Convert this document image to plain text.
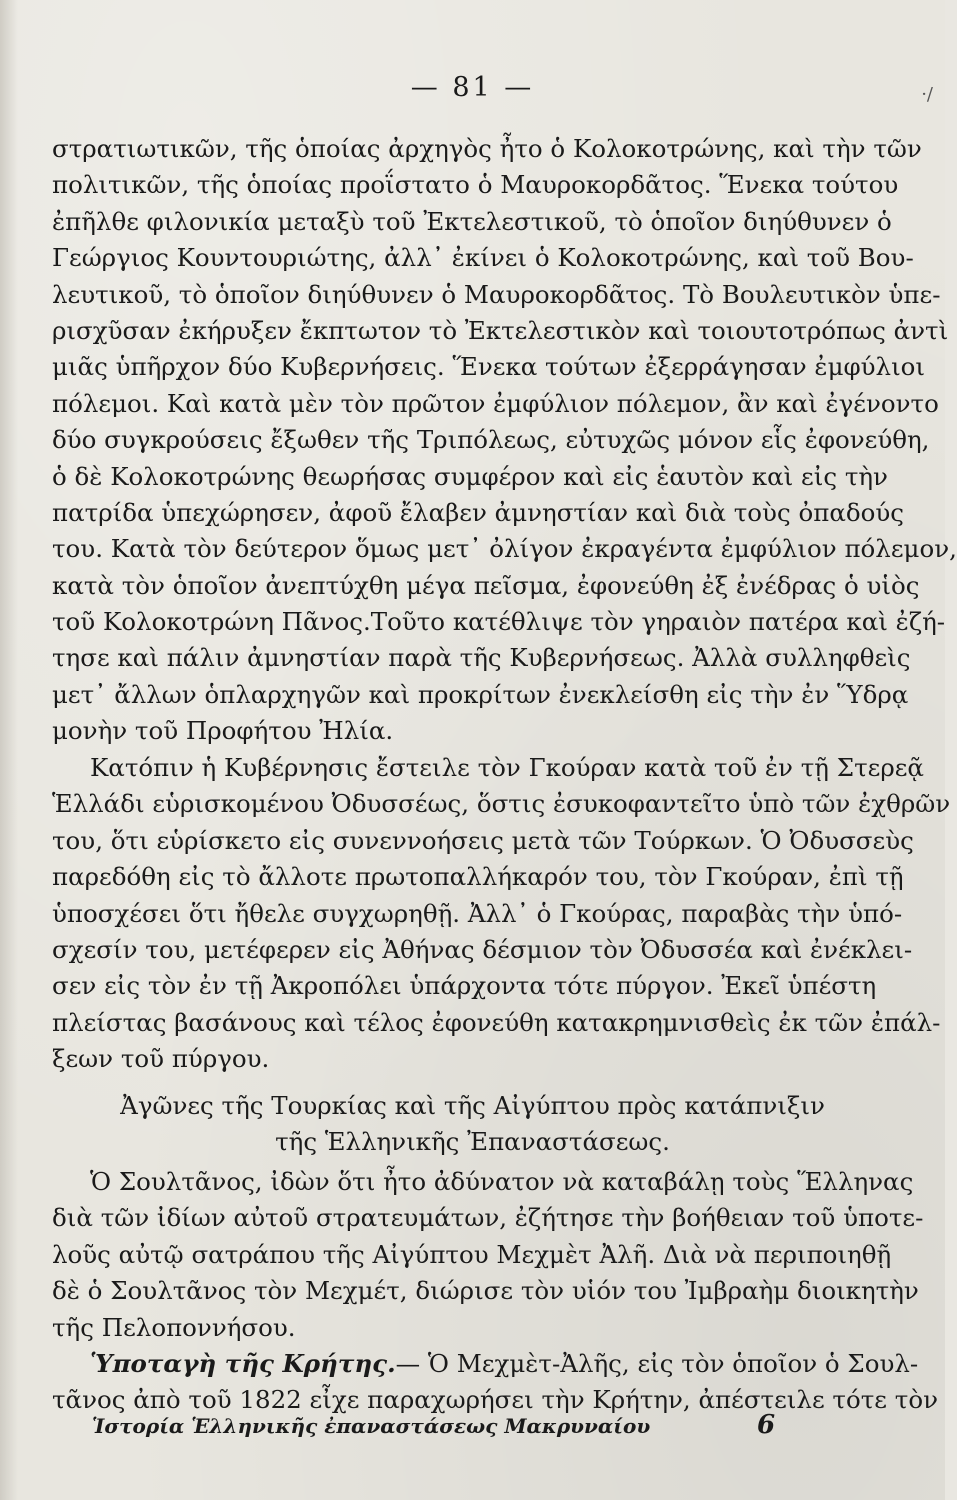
— 81 —	·/
στρατιωτικῶν, τῆς ὁποίας ἀρχηγὸς ἦτο ὁ Κολοκοτρώνης, καὶ τὴν τῶν
πολιτικῶν, τῆς ὁποίας προΐστατο ὁ Μαυροκορδᾶτος. Ἕνεκα τούτου
ἐπῆλθε φιλονικία μεταξὺ τοῦ Ἐκτελεστικοῦ, τὸ ὁποῖον διηύθυνεν ὁ
Γεώργιος Κουντουριώτης, ἀλλ᾽ ἐκίνει ὁ Κολοκοτρώνης, καὶ τοῦ Βου-
λευτικοῦ, τὸ ὁποῖον διηύθυνεν ὁ Μαυροκορδᾶτος. Τὸ Βουλευτικὸν ὑπε-
ρισχῦσαν ἐκήρυξεν ἔκπτωτον τὸ Ἐκτελεστικὸν καὶ τοιουτοτρόπως ἀντὶ
μιᾶς ὑπῆρχον δύο Κυβερνήσεις. Ἕνεκα τούτων ἐξερράγησαν ἐμφύλιοι
πόλεμοι. Καὶ κατὰ μὲν τὸν πρῶτον ἐμφύλιον πόλεμον, ἂν καὶ ἐγένοντο
δύο συγκρούσεις ἔξωθεν τῆς Τριπόλεως, εὐτυχῶς μόνον εἷς ἐφονεύθη,
ὁ δὲ Κολοκοτρώνης θεωρήσας συμφέρον καὶ εἰς ἑαυτὸν καὶ εἰς τὴν
πατρίδα ὑπεχώρησεν, ἀφοῦ ἔλαβεν ἀμνηστίαν καὶ διὰ τοὺς ὀπαδούς
του. Κατὰ τὸν δεύτερον ὅμως μετ᾽ ὀλίγον ἐκραγέντα ἐμφύλιον πόλεμον,
κατὰ τὸν ὁποῖον ἀνεπτύχθη μέγα πεῖσμα, ἐφονεύθη ἐξ ἐνέδρας ὁ υἱὸς
τοῦ Κολοκοτρώνη Πᾶνος.Τοῦτο κατέθλιψε τὸν γηραιὸν πατέρα καὶ ἐζή-
τησε καὶ πάλιν ἀμνηστίαν παρὰ τῆς Κυβερνήσεως. Ἀλλὰ συλληφθεὶς
μετ᾽ ἄλλων ὁπλαρχηγῶν καὶ προκρίτων ἐνεκλείσθη εἰς τὴν ἐν Ὕδρᾳ
μονὴν τοῦ Προφήτου Ἠλία.
Κατόπιν ἡ Κυβέρνησις ἔστειλε τὸν Γκούραν κατὰ τοῦ ἐν τῇ Στερεᾷ
Ἑλλάδι εὑρισκομένου Ὀδυσσέως, ὅστις ἐσυκοφαντεῖτο ὑπὸ τῶν ἐχθρῶν
του, ὅτι εὑρίσκετο εἰς συνεννοήσεις μετὰ τῶν Τούρκων. Ὁ Ὀδυσσεὺς
παρεδόθη εἰς τὸ ἄλλοτε πρωτοπαλλήκαρόν του, τὸν Γκούραν, ἐπὶ τῇ
ὑποσχέσει ὅτι ἤθελε συγχωρηθῇ. Ἀλλ᾽ ὁ Γκούρας, παραβὰς τὴν ὑπό-
σχεσίν του, μετέφερεν εἰς Ἀθήνας δέσμιον τὸν Ὀδυσσέα καὶ ἐνέκλει-
σεν εἰς τὸν ἐν τῇ Ἀκροπόλει ὑπάρχοντα τότε πύργον. Ἐκεῖ ὑπέστη
πλείστας βασάνους καὶ τέλος ἐφονεύθη κατακρημνισθεὶς ἐκ τῶν ἐπάλ-
ξεων τοῦ πύργου.
Ἀγῶνες τῆς Τουρκίας καὶ τῆς Αἰγύπτου πρὸς κατάπνιξιν
τῆς Ἑλληνικῆς Ἐπαναστάσεως.
Ὁ Σουλτᾶνος, ἰδὼν ὅτι ἦτο ἀδύνατον νὰ καταβάλῃ τοὺς Ἕλληνας
διὰ τῶν ἰδίων αὐτοῦ στρατευμάτων, ἐζήτησε τὴν βοήθειαν τοῦ ὑποτε-
λοῦς αὐτῷ σατράπου τῆς Αἰγύπτου Μεχμὲτ Ἀλῆ. Διὰ νὰ περιποιηθῇ
δὲ ὁ Σουλτᾶνος τὸν Μεχμέτ, διώρισε τὸν υἱόν του Ἰμβραὴμ διοικητὴν
τῆς Πελοποννήσου.
Ὑποταγὴ τῆς Κρήτης.— Ὁ Μεχμὲτ-Ἀλῆς, εἰς τὸν ὁποῖον ὁ Σουλ-
τᾶνος ἀπὸ τοῦ 1822 εἶχε παραχωρήσει τὴν Κρήτην, ἀπέστειλε τότε τὸν
Ἱστορία Ἑλληνικῆς ἐπαναστάσεως Μακρυναίου	6
